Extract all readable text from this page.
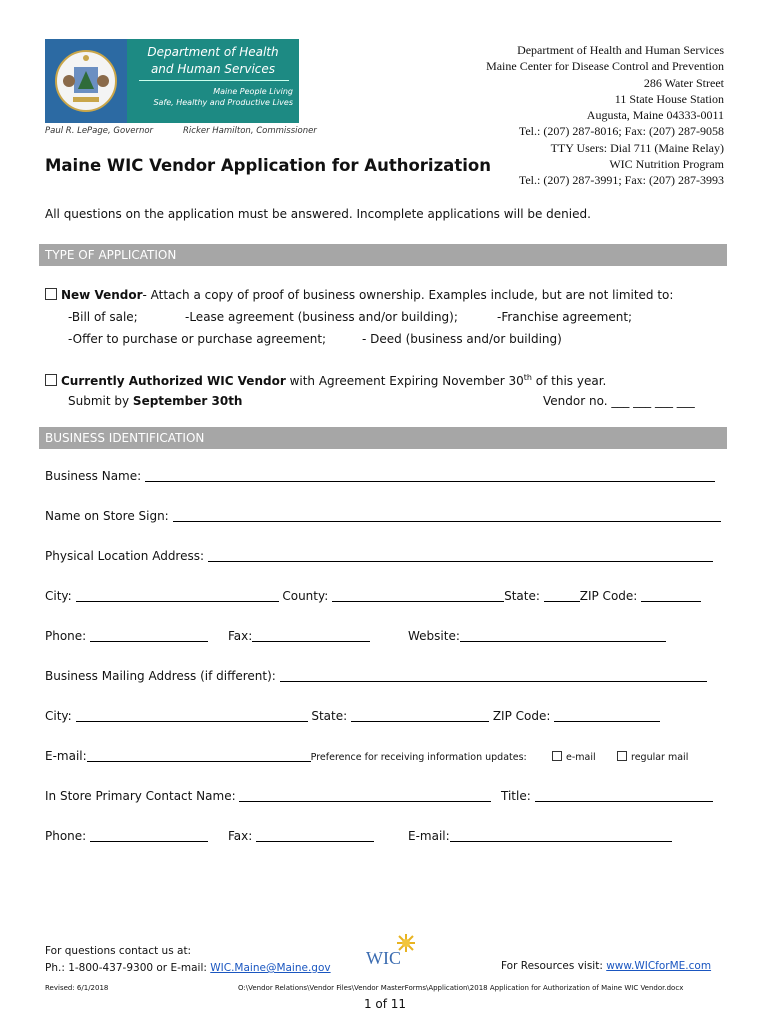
Department of Health
and Human Services
Maine People Living
Safe, Healthy and Productive Lives
Paul R. LePage, Governor	Ricker Hamilton, Commissioner
Department of Health and Human Services
Maine Center for Disease Control and Prevention
286 Water Street
11 State House Station
Augusta, Maine 04333-0011
Tel.: (207) 287-8016; Fax: (207) 287-9058
TTY Users: Dial 711 (Maine Relay)
WIC Nutrition Program
Tel.: (207) 287-3991; Fax: (207) 287-3993
Maine WIC Vendor Application for Authorization
All questions on the application must be answered. Incomplete applications will be denied.
TYPE OF APPLICATION
New Vendor- Attach a copy of proof of business ownership. Examples include, but are not limited to:
-Bill of sale;	-Lease agreement (business and/or building);	-Franchise agreement;
-Offer to purchase or purchase agreement;	- Deed (business and/or building)
Currently Authorized WIC Vendor with Agreement Expiring November 30th of this year.
Submit by September 30th	Vendor no. ___ ___ ___ ___
BUSINESS IDENTIFICATION
Business Name:
Name on Store Sign:
Physical Location Address:
City:	County:	State:	ZIP Code:
Phone:	Fax:	Website:
Business Mailing Address (if different):
City:	State:	ZIP Code:
E-mail:	Preference for receiving information updates:	e-mail	regular mail
In Store Primary Contact Name:	Title:
Phone:	Fax:	E-mail:
For questions contact us at:
Ph.: 1-800-437-9300 or E-mail: WIC.Maine@Maine.gov WIC	For Resources visit: www.WICforME.com
Revised: 6/1/2018	O:\Vendor Relations\Vendor Files\Vendor MasterForms\Application\2018 Application for Authorization of Maine WIC Vendor.docx
1 of 11
